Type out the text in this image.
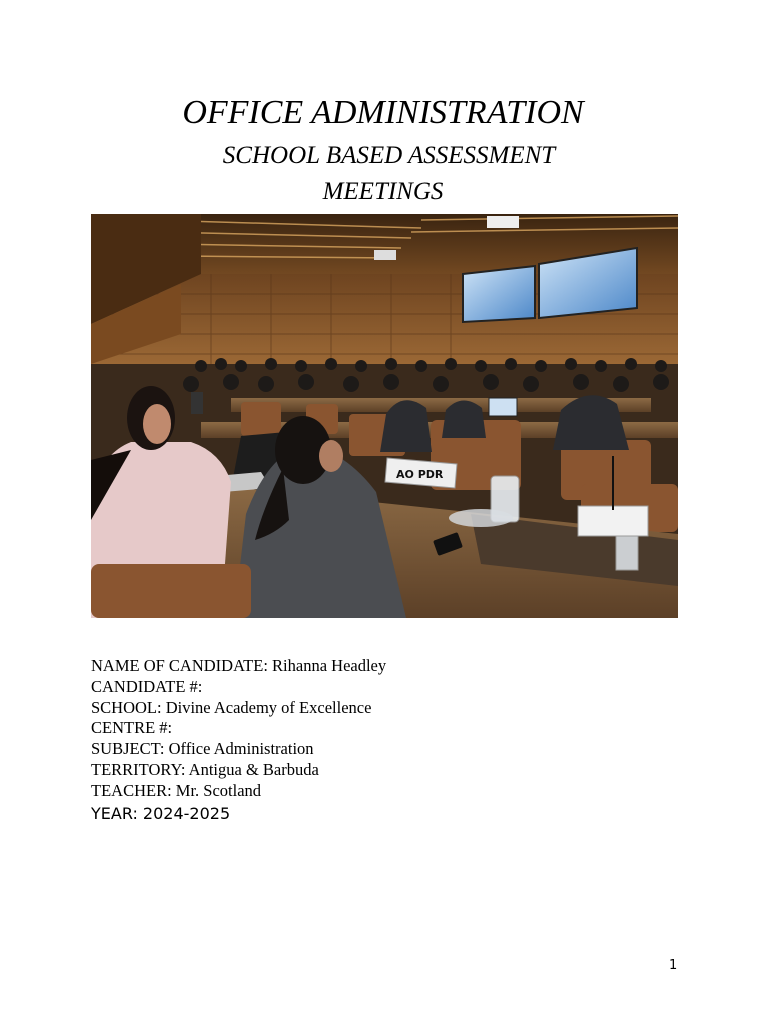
OFFICE ADMINISTRATION
SCHOOL BASED ASSESSMENT
MEETINGS
AO PDR
NAME OF CANDIDATE: Rihanna Headley
CANDIDATE #:
SCHOOL: Divine Academy of Excellence
CENTRE #:
SUBJECT: Office Administration
TERRITORY: Antigua & Barbuda
TEACHER: Mr. Scotland
YEAR: 2024-2025
1
